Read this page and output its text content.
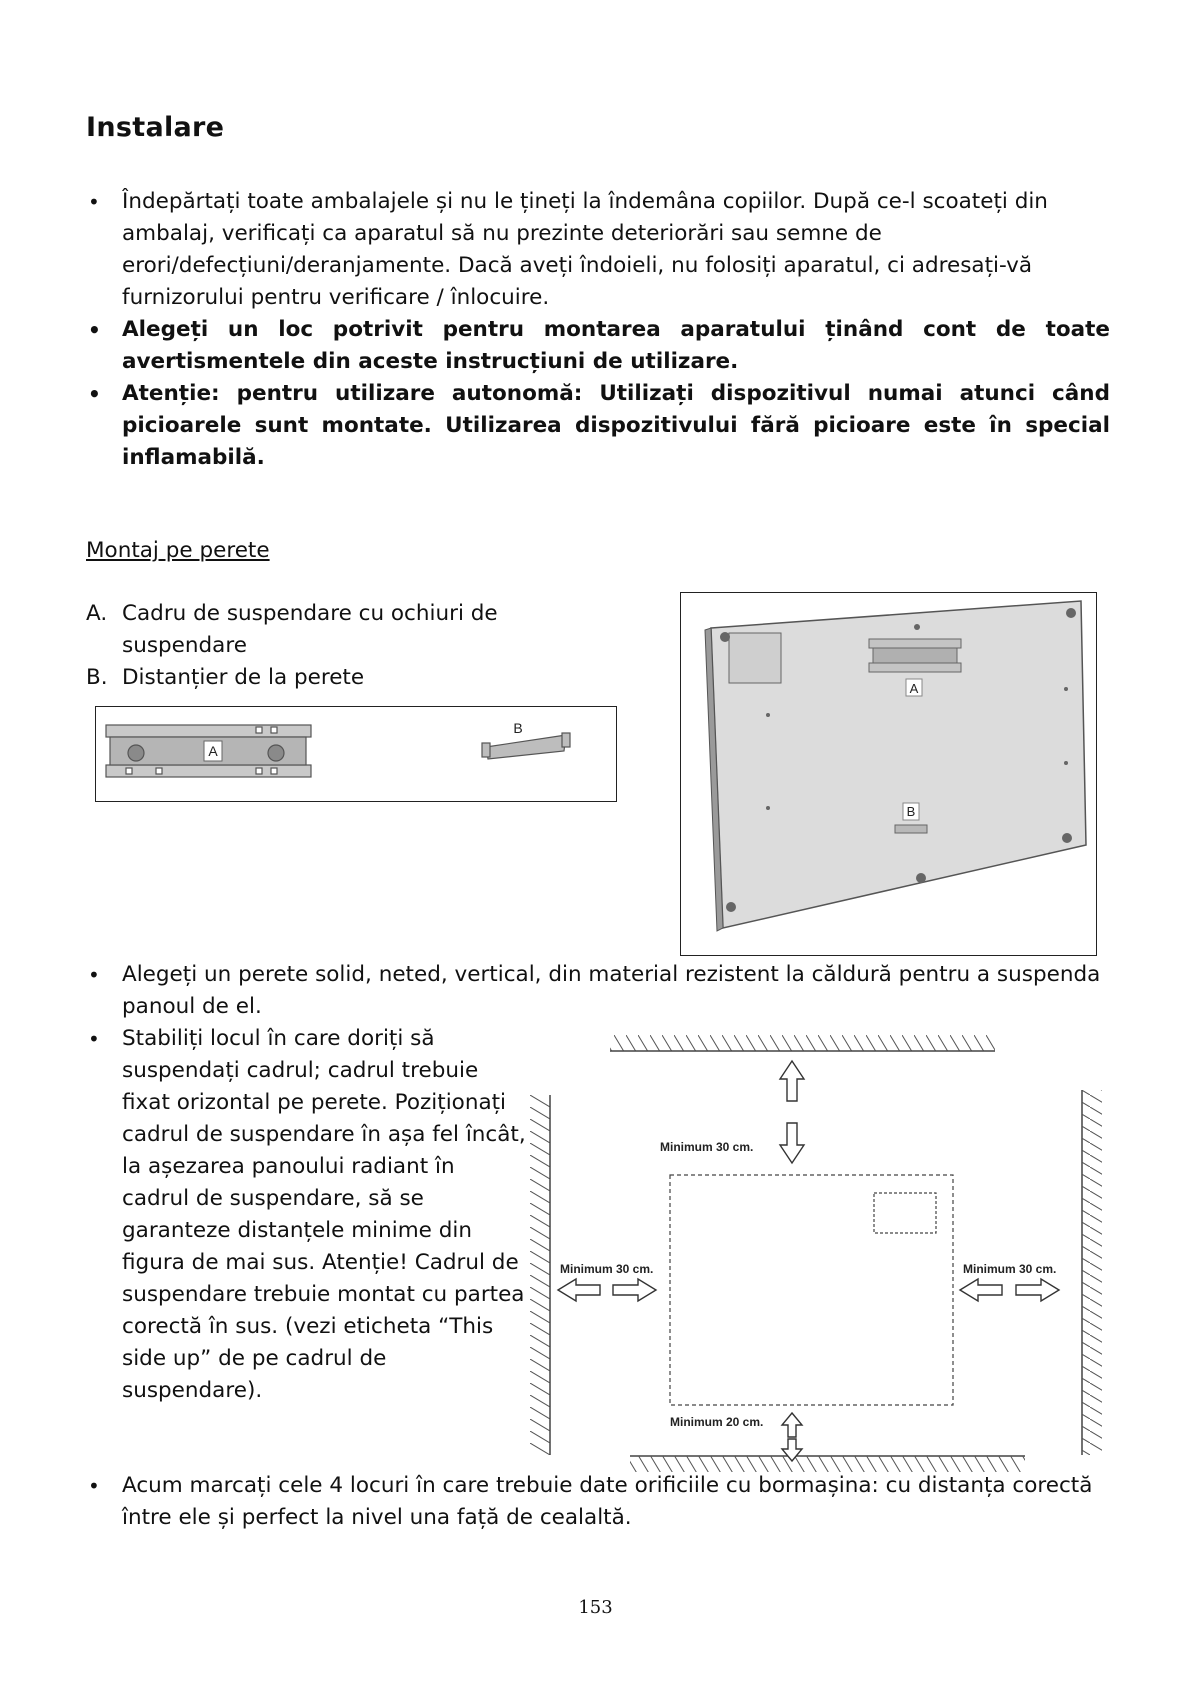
Instalare
• Îndepărtați toate ambalajele și nu le țineți la îndemâna copiilor. După ce-l scoateți din ambalaj, verificați ca aparatul să nu prezinte deteriorări sau semne de erori/defecțiuni/deranjamente. Dacă aveți îndoieli, nu folosiți aparatul, ci adresați-vă furnizorului pentru verificare / înlocuire.
• Alegeți un loc potrivit pentru montarea aparatului ținând cont de toate avertismentele din aceste instrucțiuni de utilizare.
• Atenție: pentru utilizare autonomă: Utilizați dispozitivul numai atunci când picioarele sunt montate. Utilizarea dispozitivului fără picioare este în special inflamabilă.
Montaj pe perete
A. Cadru de suspendare cu ochiuri de suspendare
B. Distanțier de la perete
A
B
A
B
• Alegeți un perete solid, neted, vertical, din material rezistent la căldură pentru a suspenda panoul de el.
• Stabiliți locul în care doriți să suspendați cadrul; cadrul trebuie fixat orizontal pe perete. Poziționați cadrul de suspendare în așa fel încât, la așezarea panoului radiant în cadrul de suspendare, să se garanteze distanțele minime din figura de mai sus. Atenție! Cadrul de suspendare trebuie montat cu partea corectă în sus. (vezi eticheta “This side up” de pe cadrul de suspendare).
• Acum marcați cele 4 locuri în care trebuie date orificiile cu bormașina: cu distanța corectă între ele și perfect la nivel una față de cealaltă.
Minimum 30 cm.
Minimum 30 cm.	Minimum 30 cm.
Minimum 20 cm.
153
